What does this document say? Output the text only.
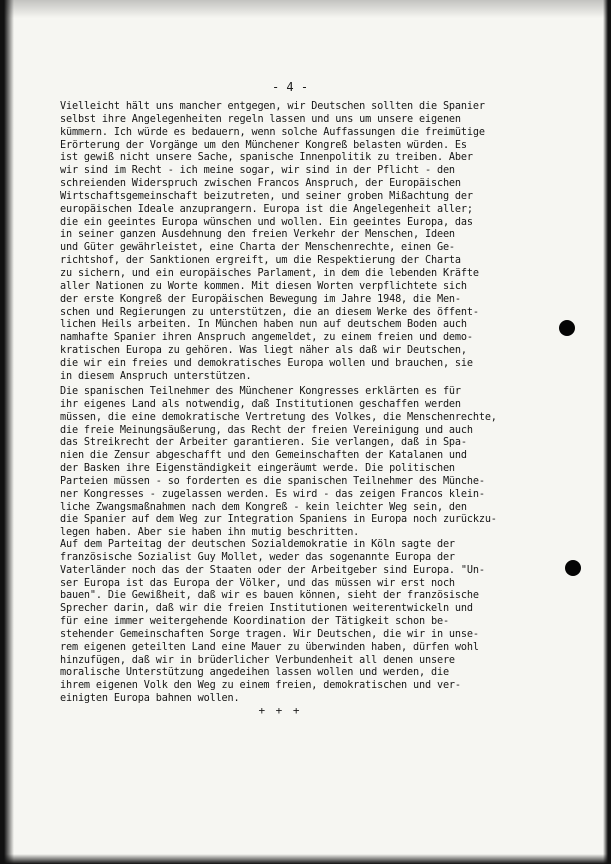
- 4 -
Vielleicht hält uns mancher entgegen, wir Deutschen sollten die Spanier
selbst ihre Angelegenheiten regeln lassen und uns um unsere eigenen
kümmern. Ich würde es bedauern, wenn solche Auffassungen die freimütige
Erörterung der Vorgänge um den Münchener Kongreß belasten würden. Es
ist gewiß nicht unsere Sache, spanische Innenpolitik zu treiben. Aber
wir sind im Recht - ich meine sogar, wir sind in der Pflicht - den
schreienden Widerspruch zwischen Francos Anspruch, der Europäischen
Wirtschaftsgemeinschaft beizutreten, und seiner groben Mißachtung der
europäischen Ideale anzuprangern. Europa ist die Angelegenheit aller;
die ein geeintes Europa wünschen und wollen. Ein geeintes Europa, das
in seiner ganzen Ausdehnung den freien Verkehr der Menschen, Ideen
und Güter gewährleistet, eine Charta der Menschenrechte, einen Ge-
richtshof, der Sanktionen ergreift, um die Respektierung der Charta
zu sichern, und ein europäisches Parlament, in dem die lebenden Kräfte
aller Nationen zu Worte kommen. Mit diesen Worten verpflichtete sich
der erste Kongreß der Europäischen Bewegung im Jahre 1948, die Men-
schen und Regierungen zu unterstützen, die an diesem Werke des öffent-
lichen Heils arbeiten. In München haben nun auf deutschem Boden auch
namhafte Spanier ihren Anspruch angemeldet, zu einem freien und demo-
kratischen Europa zu gehören. Was liegt näher als daß wir Deutschen,
die wir ein freies und demokratisches Europa wollen und brauchen, sie
in diesem Anspruch unterstützen.
Die spanischen Teilnehmer des Münchener Kongresses erklärten es für
ihr eigenes Land als notwendig, daß Institutionen geschaffen werden
müssen, die eine demokratische Vertretung des Volkes, die Menschenrechte,
die freie Meinungsäußerung, das Recht der freien Vereinigung und auch
das Streikrecht der Arbeiter garantieren. Sie verlangen, daß in Spa-
nien die Zensur abgeschafft und den Gemeinschaften der Katalanen und
der Basken ihre Eigenständigkeit eingeräumt werde. Die politischen
Parteien müssen - so forderten es die spanischen Teilnehmer des Münche-
ner Kongresses - zugelassen werden. Es wird - das zeigen Francos klein-
liche Zwangsmaßnahmen nach dem Kongreß - kein leichter Weg sein, den
die Spanier auf dem Weg zur Integration Spaniens in Europa noch zurückzu-
legen haben. Aber sie haben ihn mutig beschritten.
Auf dem Parteitag der deutschen Sozialdemokratie in Köln sagte der
französische Sozialist Guy Mollet, weder das sogenannte Europa der
Vaterländer noch das der Staaten oder der Arbeitgeber sind Europa. "Un-
ser Europa ist das Europa der Völker, und das müssen wir erst noch
bauen". Die Gewißheit, daß wir es bauen können, sieht der französische
Sprecher darin, daß wir die freien Institutionen weiterentwickeln und
für eine immer weitergehende Koordination der Tätigkeit schon be-
stehender Gemeinschaften Sorge tragen. Wir Deutschen, die wir in unse-
rem eigenen geteilten Land eine Mauer zu überwinden haben, dürfen wohl
hinzufügen, daß wir in brüderlicher Verbundenheit all denen unsere
moralische Unterstützung angedeihen lassen wollen und werden, die
ihrem eigenen Volk den Weg zu einem freien, demokratischen und ver-
einigten Europa bahnen wollen.
+ + +
